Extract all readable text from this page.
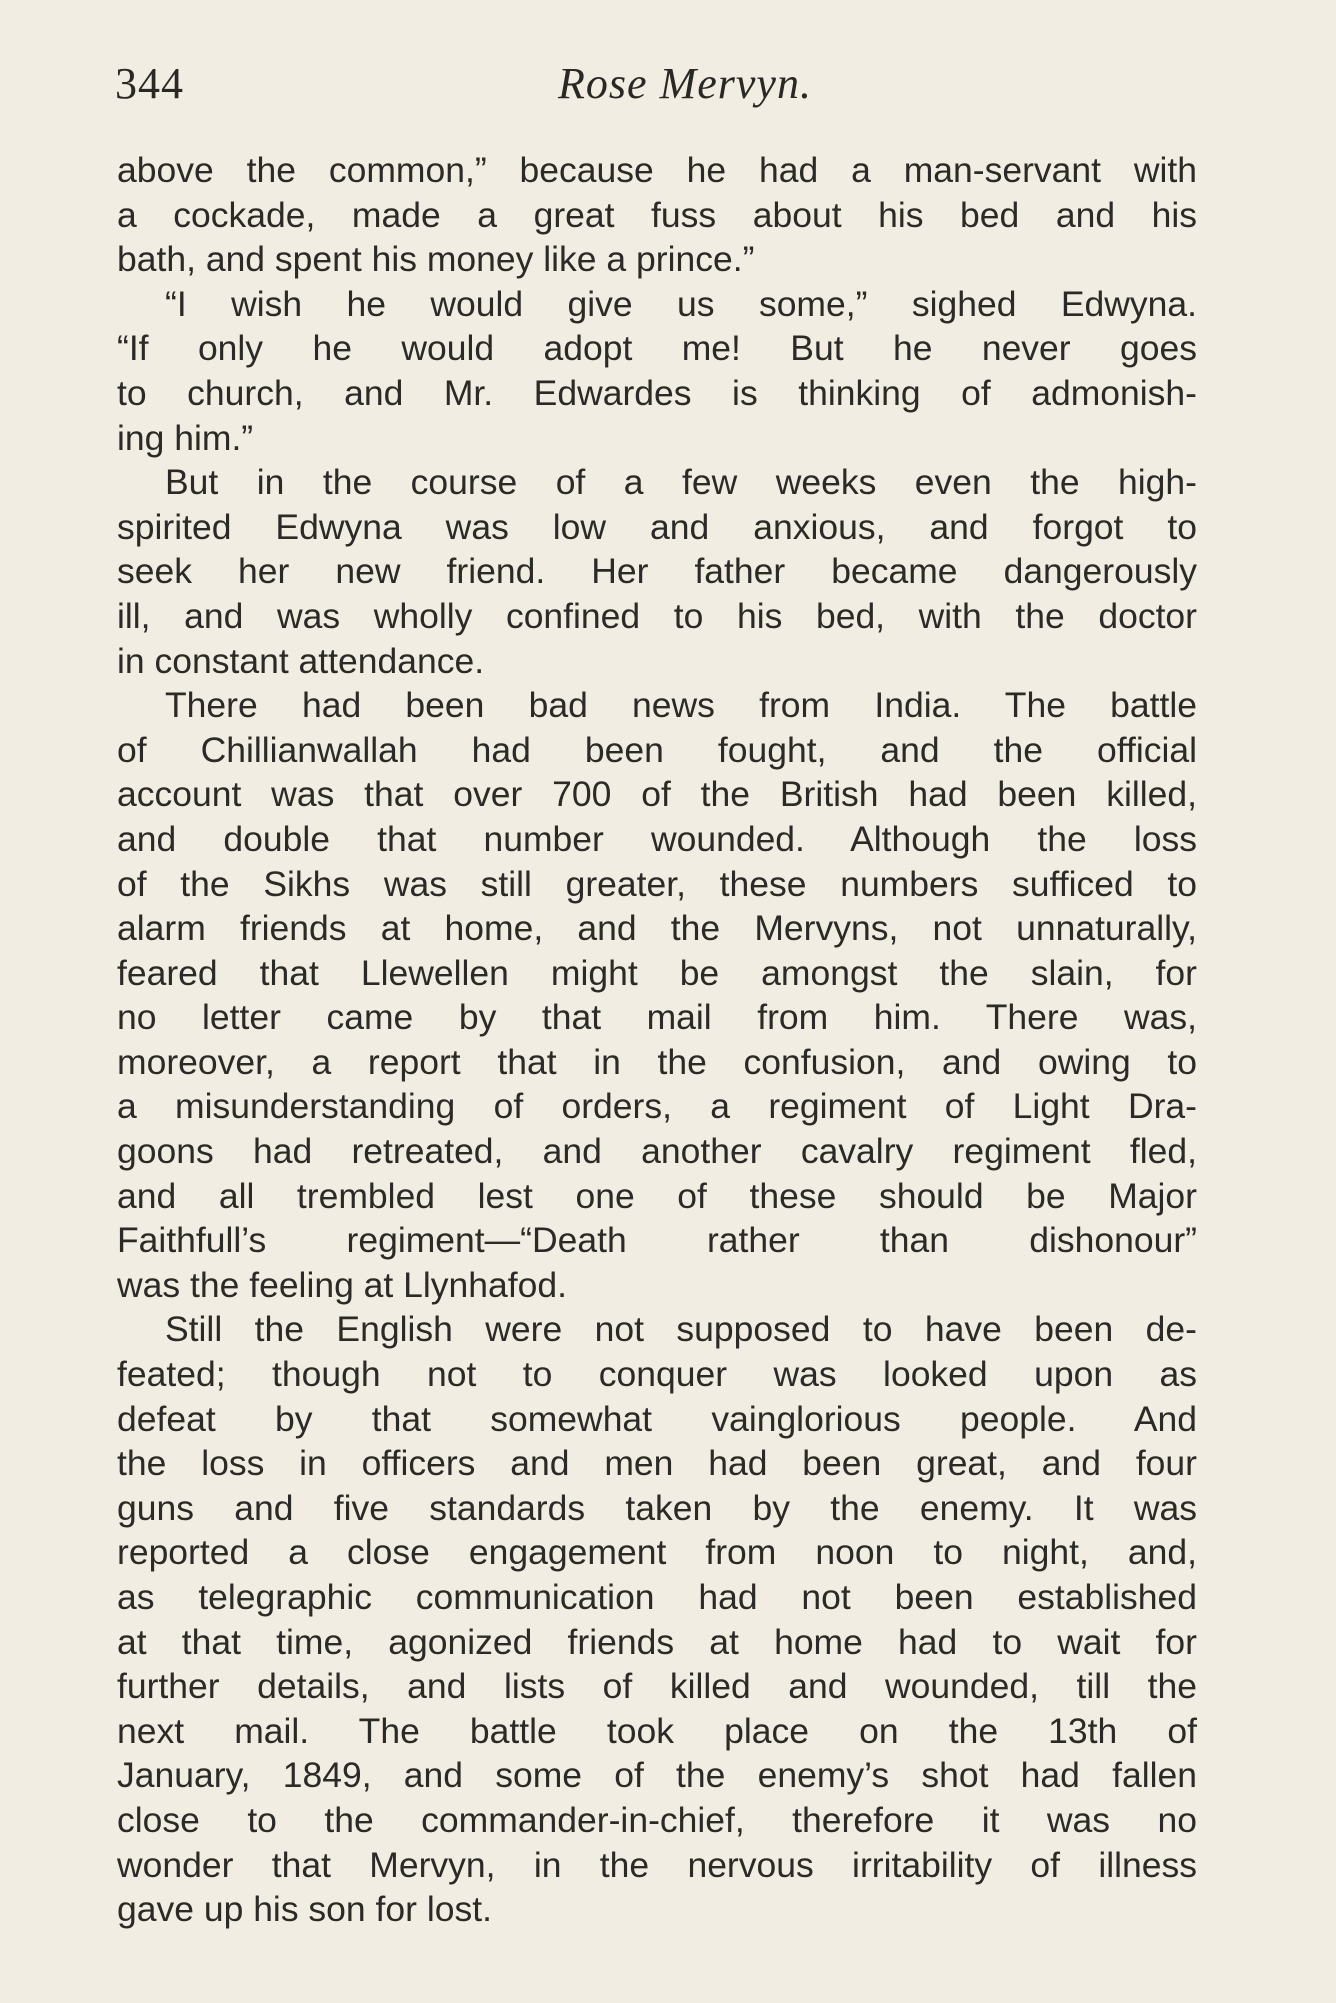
344	Rose Mervyn.
above the common,” because he had a man-servant with
a cockade, made a great fuss about his bed and his
bath, and spent his money like a prince.”
“I wish he would give us some,” sighed Edwyna.
“If only he would adopt me! But he never goes
to church, and Mr. Edwardes is thinking of admonish-
ing him.”
But in the course of a few weeks even the high-
spirited Edwyna was low and anxious, and forgot to
seek her new friend. Her father became dangerously
ill, and was wholly confined to his bed, with the doctor
in constant attendance.
There had been bad news from India. The battle
of Chillianwallah had been fought, and the official
account was that over 700 of the British had been killed,
and double that number wounded. Although the loss
of the Sikhs was still greater, these numbers sufficed to
alarm friends at home, and the Mervyns, not unnaturally,
feared that Llewellen might be amongst the slain, for
no letter came by that mail from him. There was,
moreover, a report that in the confusion, and owing to
a misunderstanding of orders, a regiment of Light Dra-
goons had retreated, and another cavalry regiment fled,
and all trembled lest one of these should be Major
Faithfull’s regiment—“Death rather than dishonour”
was the feeling at Llynhafod.
Still the English were not supposed to have been de-
feated; though not to conquer was looked upon as
defeat by that somewhat vainglorious people. And
the loss in officers and men had been great, and four
guns and five standards taken by the enemy. It was
reported a close engagement from noon to night, and,
as telegraphic communication had not been established
at that time, agonized friends at home had to wait for
further details, and lists of killed and wounded, till the
next mail. The battle took place on the 13th of
January, 1849, and some of the enemy’s shot had fallen
close to the commander-in-chief, therefore it was no
wonder that Mervyn, in the nervous irritability of illness
gave up his son for lost.
